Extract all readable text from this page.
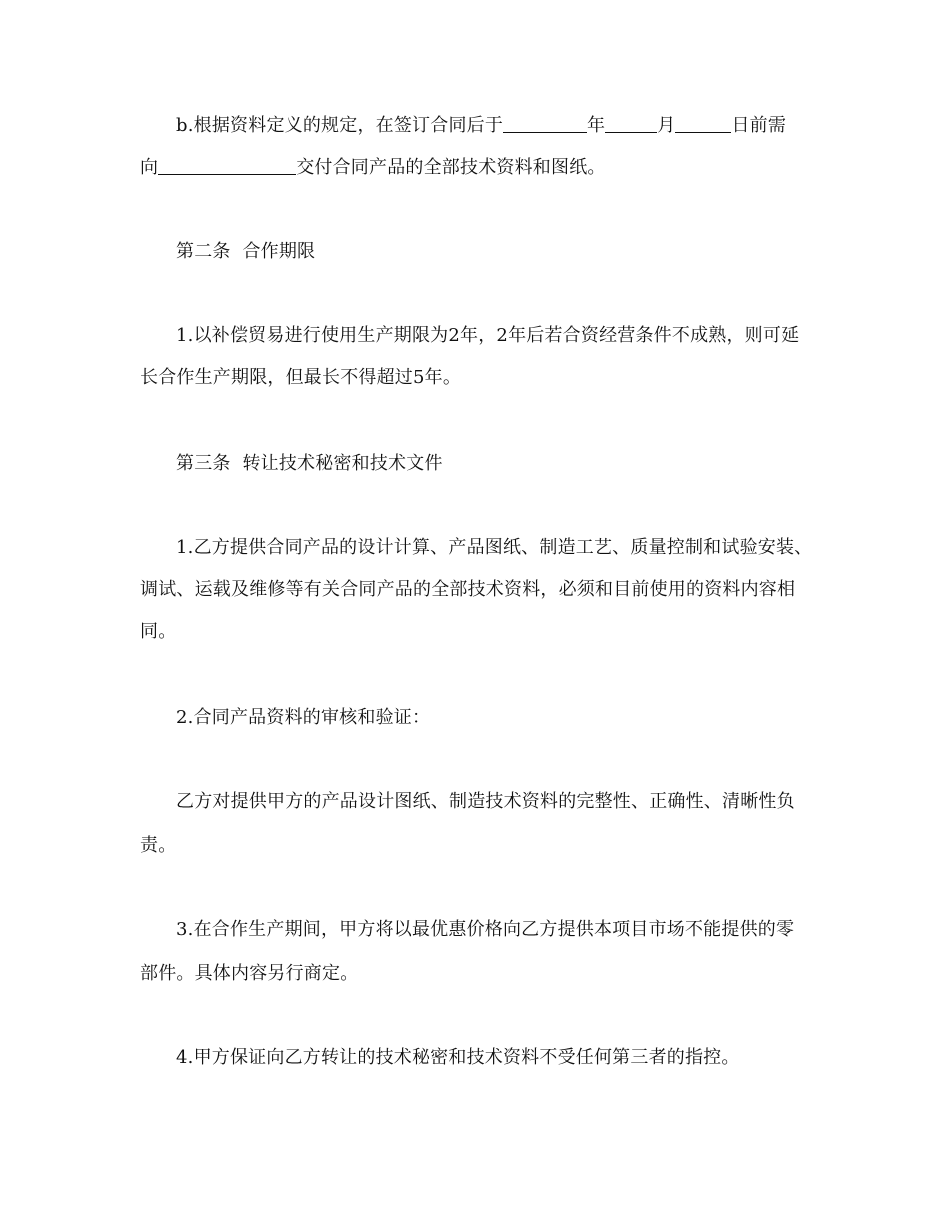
b.根据资料定义的规定，在签订合同后于	年	月	日前需
向	交付合同产品的全部技术资料和图纸。
第二条  合作期限
1.以补偿贸易进行使用生产期限为2年，2年后若合资经营条件不成熟，则可延
长合作生产期限，但最长不得超过5年。
第三条  转让技术秘密和技术文件
1.乙方提供合同产品的设计计算、产品图纸、制造工艺、质量控制和试验安装、
调试、运载及维修等有关合同产品的全部技术资料，必须和目前使用的资料内容相
同。
2.合同产品资料的审核和验证：
乙方对提供甲方的产品设计图纸、制造技术资料的完整性、正确性、清晰性负
责。
3.在合作生产期间，甲方将以最优惠价格向乙方提供本项目市场不能提供的零
部件。具体内容另行商定。
4.甲方保证向乙方转让的技术秘密和技术资料不受任何第三者的指控。
